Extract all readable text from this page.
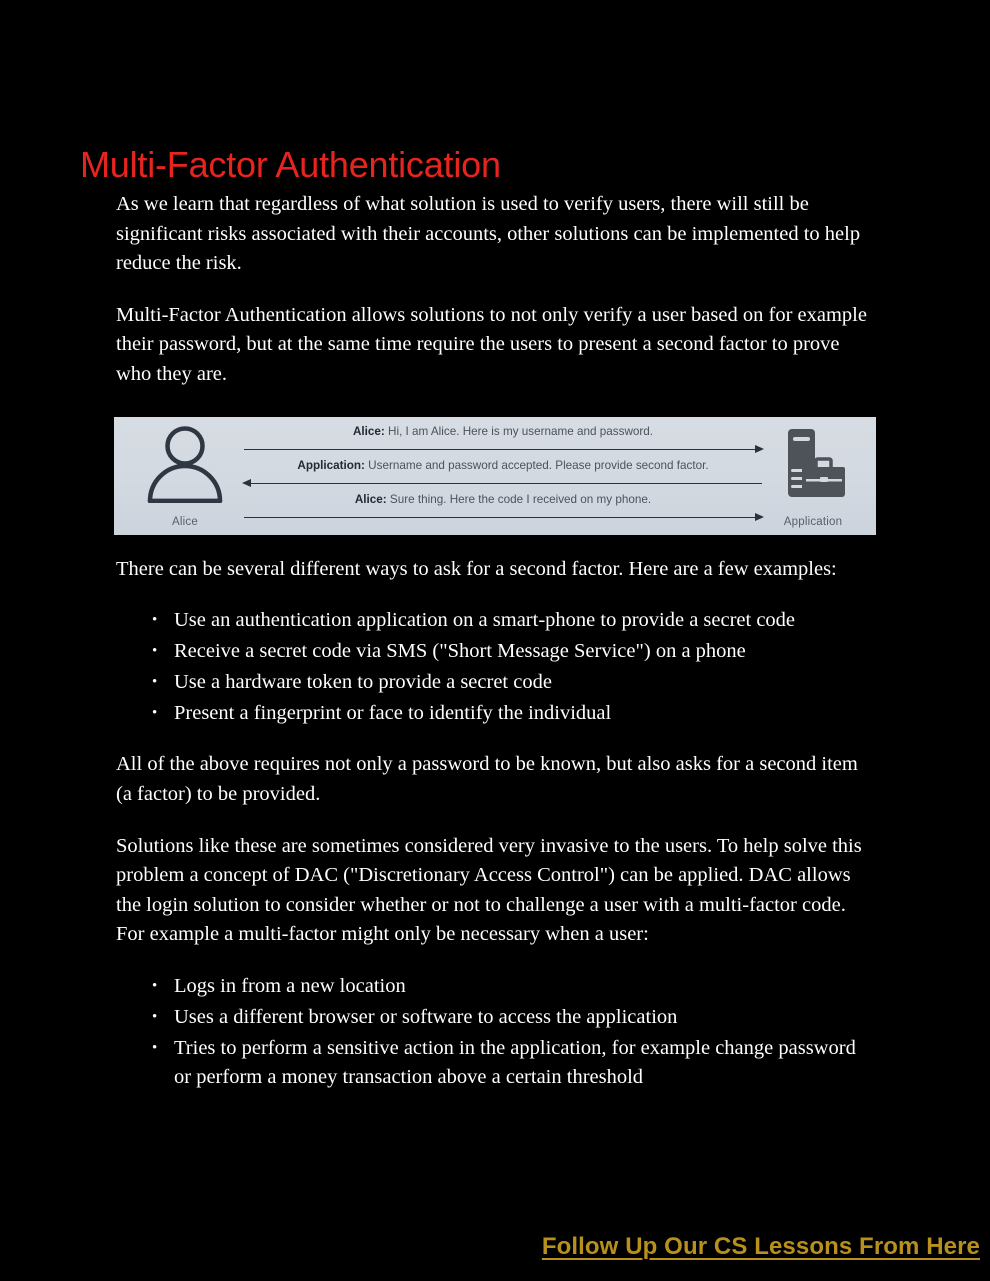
Multi-Factor Authentication

As we learn that regardless of what solution is used to verify users, there will still be significant risks associated with their accounts, other solutions can be implemented to help reduce the risk.

Multi-Factor Authentication allows solutions to not only verify a user based on for example their password, but at the same time require the users to present a second factor to prove who they are.

There can be several different ways to ask for a second factor. Here are a few examples:

• Use an authentication application on a smart-phone to provide a secret code
• Receive a secret code via SMS ("Short Message Service") on a phone
• Use a hardware token to provide a secret code
• Present a fingerprint or face to identify the individual

All of the above requires not only a password to be known, but also asks for a second item (a factor) to be provided.

Solutions like these are sometimes considered very invasive to the users. To help solve this problem a concept of DAC ("Discretionary Access Control") can be applied. DAC allows the login solution to consider whether or not to challenge a user with a multi-factor code. For example a multi-factor might only be necessary when a user:

• Logs in from a new location
• Uses a different browser or software to access the application
• Tries to perform a sensitive action in the application, for example change password or perform a money transaction above a certain threshold
Alice	Application
Alice: Hi, I am Alice. Here is my username and password.
Application: Username and password accepted. Please provide second factor.
Alice: Sure thing. Here the code I received on my phone.
Follow Up Our CS Lessons From Here
